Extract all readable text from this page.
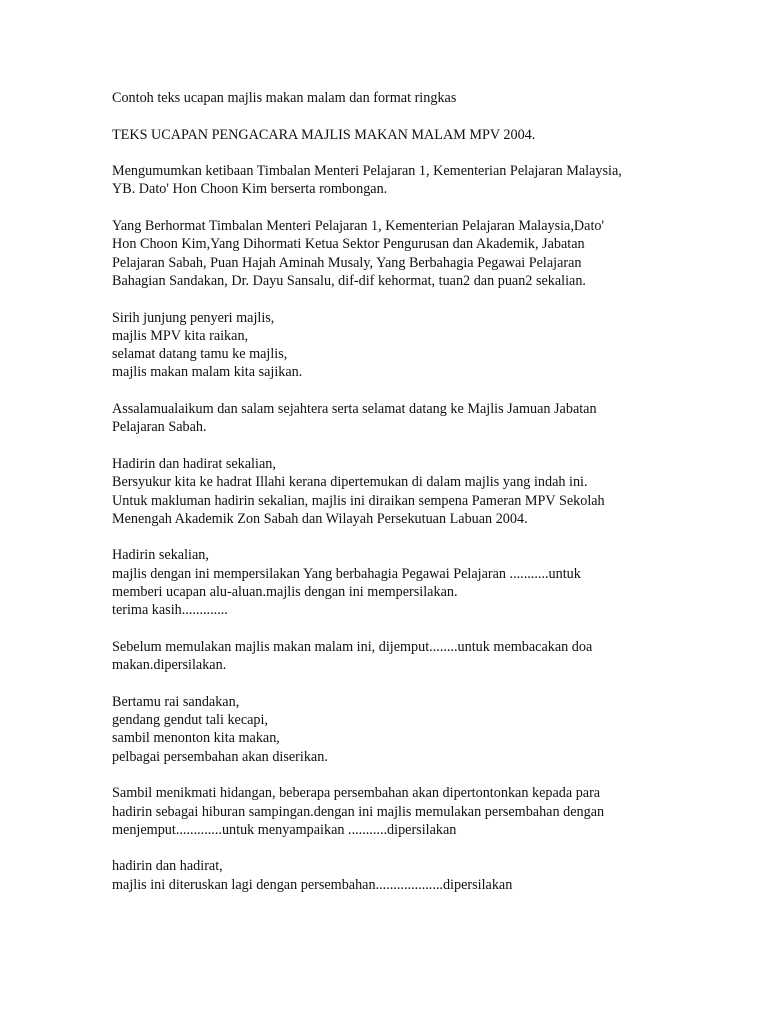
Contoh teks ucapan majlis makan malam dan format ringkas

TEKS UCAPAN PENGACARA MAJLIS MAKAN MALAM MPV 2004.

Mengumumkan ketibaan Timbalan Menteri Pelajaran 1, Kementerian Pelajaran Malaysia,
YB. Dato' Hon Choon Kim berserta rombongan.

Yang Berhormat Timbalan Menteri Pelajaran 1, Kementerian Pelajaran Malaysia,Dato'
Hon Choon Kim,Yang Dihormati Ketua Sektor Pengurusan dan Akademik, Jabatan
Pelajaran Sabah, Puan Hajah Aminah Musaly, Yang Berbahagia Pegawai Pelajaran
Bahagian Sandakan, Dr. Dayu Sansalu, dif-dif kehormat, tuan2 dan puan2 sekalian.

Sirih junjung penyeri majlis,
majlis MPV kita raikan,
selamat datang tamu ke majlis,
majlis makan malam kita sajikan.

Assalamualaikum dan salam sejahtera serta selamat datang ke Majlis Jamuan Jabatan
Pelajaran Sabah.

Hadirin dan hadirat sekalian,
Bersyukur kita ke hadrat Illahi kerana dipertemukan di dalam majlis yang indah ini.
Untuk makluman hadirin sekalian, majlis ini diraikan sempena Pameran MPV Sekolah
Menengah Akademik Zon Sabah dan Wilayah Persekutuan Labuan 2004.

Hadirin sekalian,
majlis dengan ini mempersilakan Yang berbahagia Pegawai Pelajaran ...........untuk
memberi ucapan alu-aluan.majlis dengan ini mempersilakan.
terima kasih.............

Sebelum memulakan majlis makan malam ini, dijemput........untuk membacakan doa
makan.dipersilakan.

Bertamu rai sandakan,
gendang gendut tali kecapi,
sambil menonton kita makan,
pelbagai persembahan akan diserikan.

Sambil menikmati hidangan, beberapa persembahan akan dipertontonkan kepada para
hadirin sebagai hiburan sampingan.dengan ini majlis memulakan persembahan dengan
menjemput.............untuk menyampaikan ...........dipersilakan

hadirin dan hadirat,
majlis ini diteruskan lagi dengan persembahan...................dipersilakan
